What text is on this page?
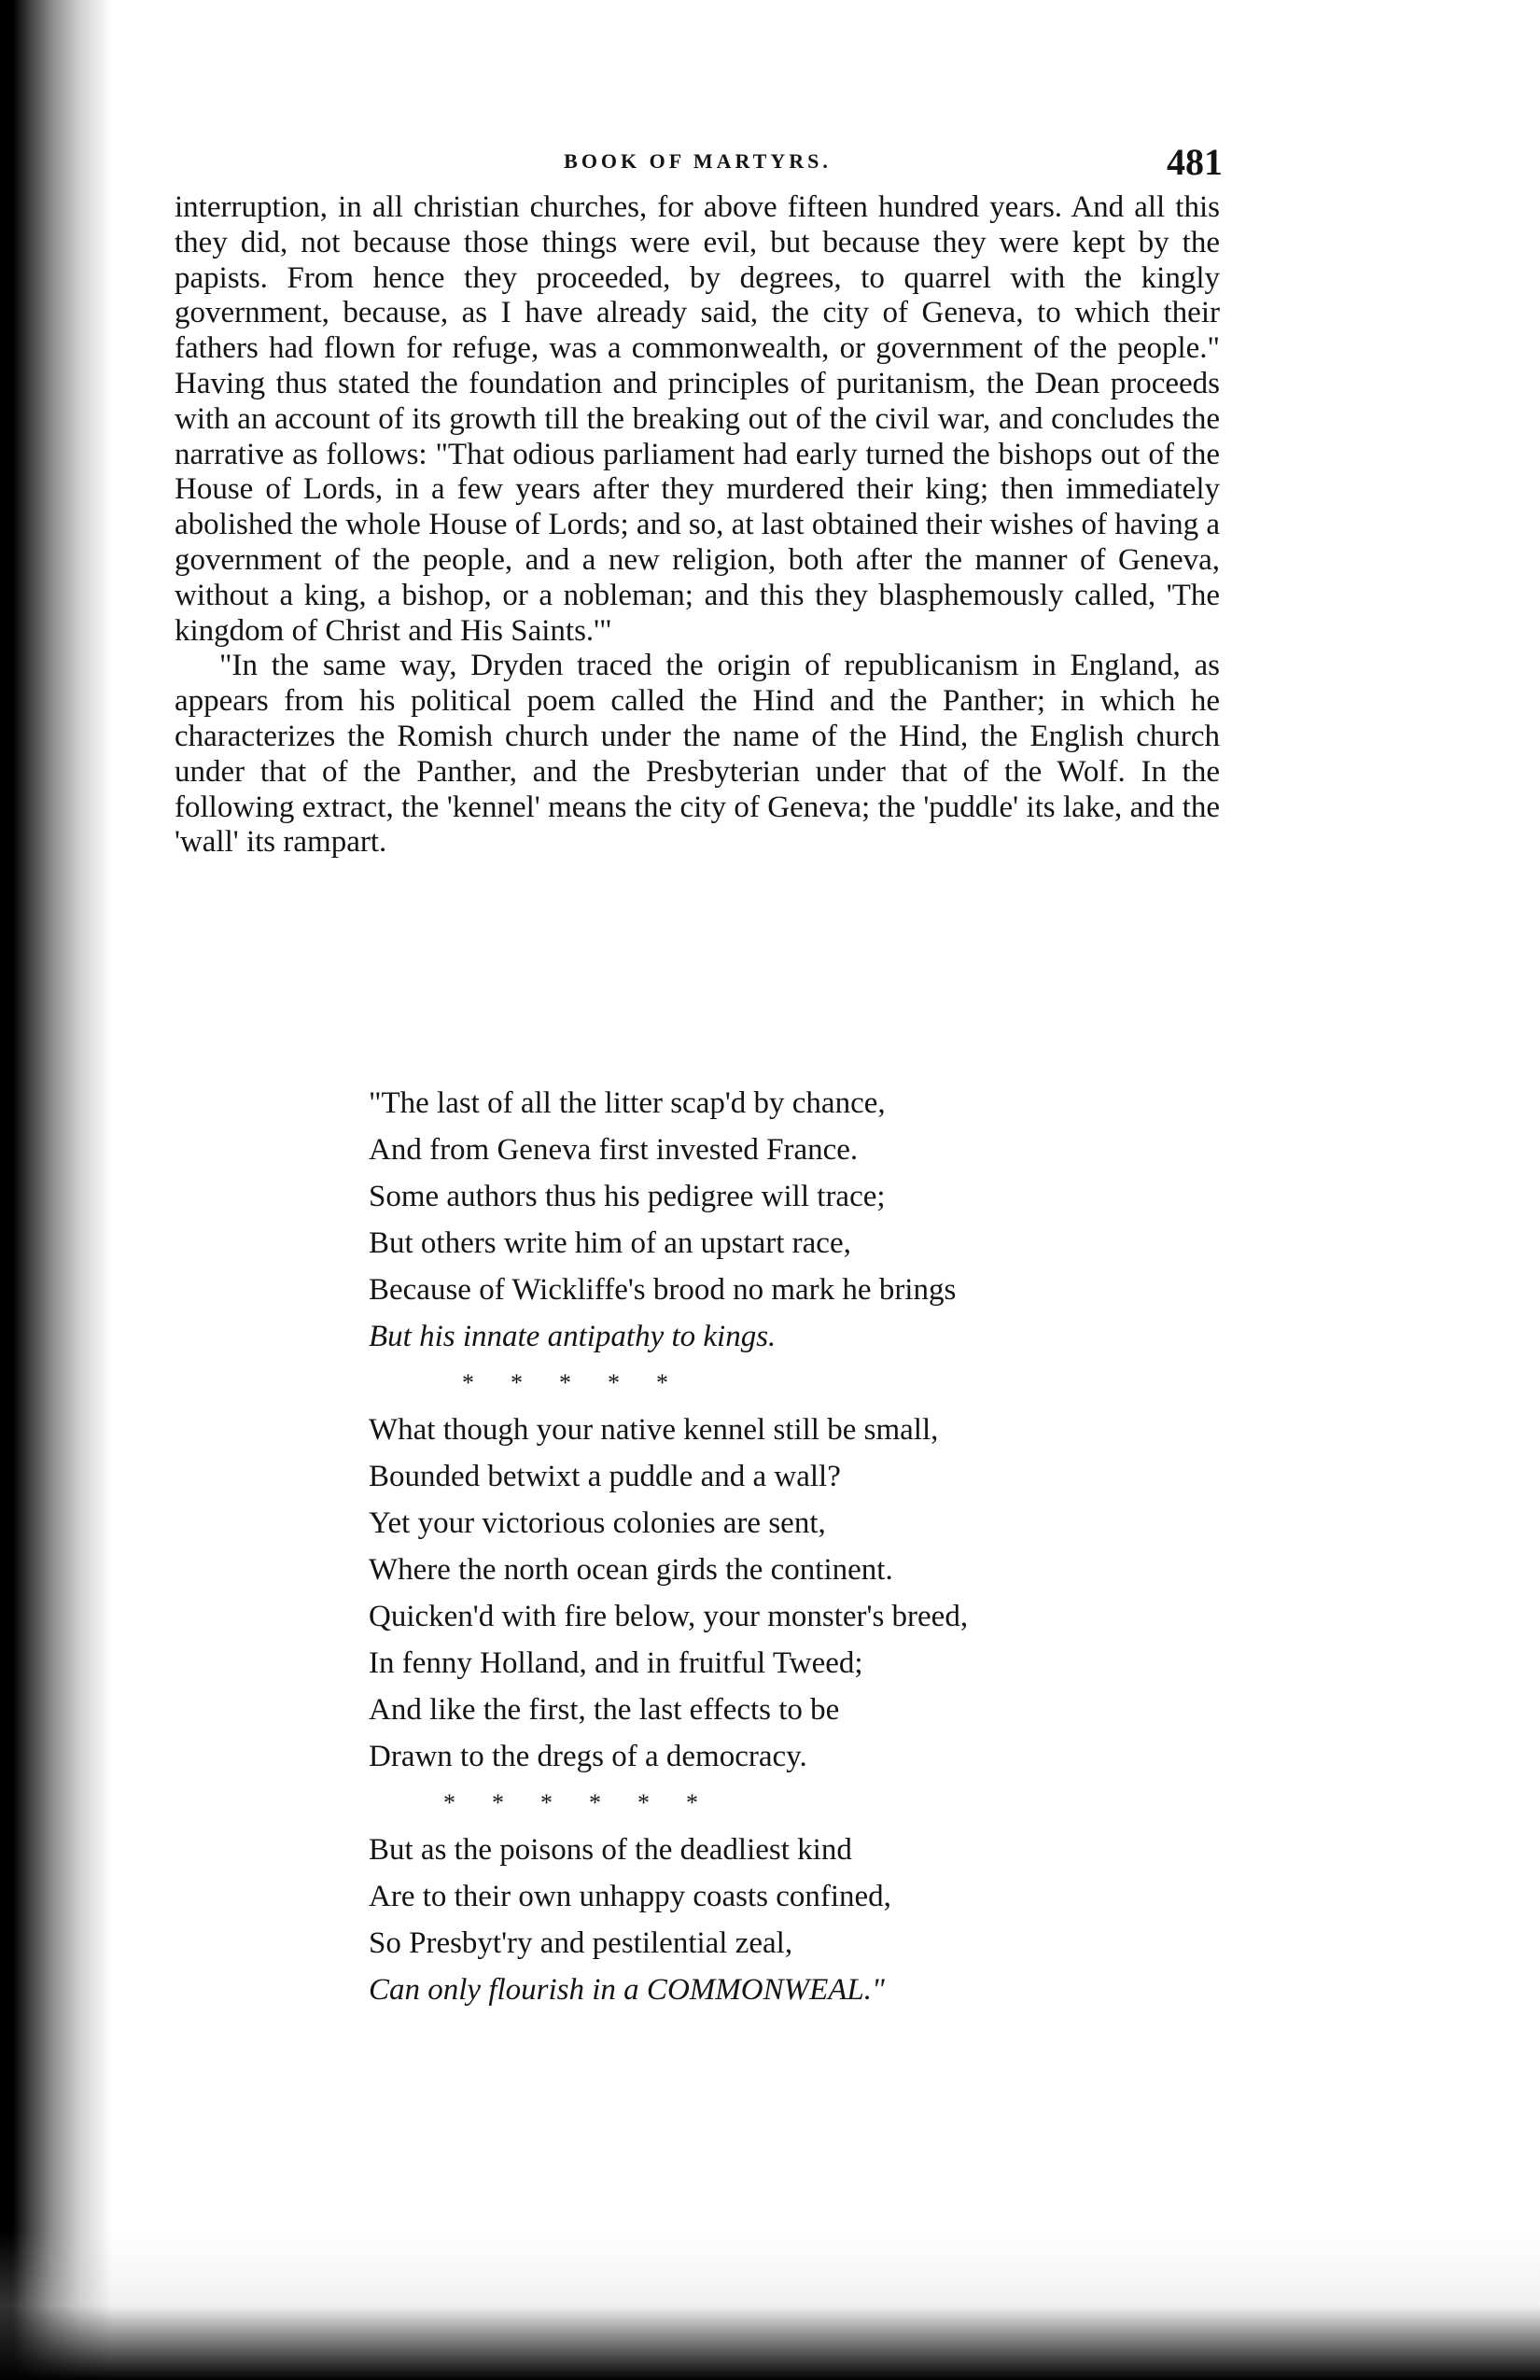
BOOK OF MARTYRS.	481

interruption, in all christian churches, for above fifteen hundred years. And all this they did, not because those things were evil, but because they were kept by the papists. From hence they proceeded, by degrees, to quarrel with the kingly government, because, as I have already said, the city of Geneva, to which their fathers had flown for refuge, was a commonwealth, or government of the people." Having thus stated the foundation and principles of puritanism, the Dean proceeds with an account of its growth till the breaking out of the civil war, and concludes the narrative as follows: "That odious parliament had early turned the bishops out of the House of Lords, in a few years after they murdered their king; then immediately abolished the whole House of Lords; and so, at last obtained their wishes of having a government of the people, and a new religion, both after the manner of Geneva, without a king, a bishop, or a nobleman; and this they blasphemously called, 'The kingdom of Christ and His Saints.'"

"In the same way, Dryden traced the origin of republicanism in England, as appears from his political poem called the Hind and the Panther; in which he characterizes the Romish church under the name of the Hind, the English church under that of the Panther, and the Presbyterian under that of the Wolf. In the following extract, the 'kennel' means the city of Geneva; the 'puddle' its lake, and the 'wall' its rampart.

"The last of all the litter scap'd by chance,
And from Geneva first invested France.
Some authors thus his pedigree will trace;
But others write him of an upstart race,
Because of Wickliffe's brood no mark he brings
But his innate antipathy to kings.
*      *      *      *      *
What though your native kennel still be small,
Bounded betwixt a puddle and a wall?
Yet your victorious colonies are sent,
Where the north ocean girds the continent.
Quicken'd with fire below, your monster's breed,
In fenny Holland, and in fruitful Tweed;
And like the first, the last effects to be
Drawn to the dregs of a democracy.
*      *      *      *      *      *
But as the poisons of the deadliest kind
Are to their own unhappy coasts confined,
So Presbyt'ry and pestilential zeal,
Can only flourish in a COMMONWEAL."
